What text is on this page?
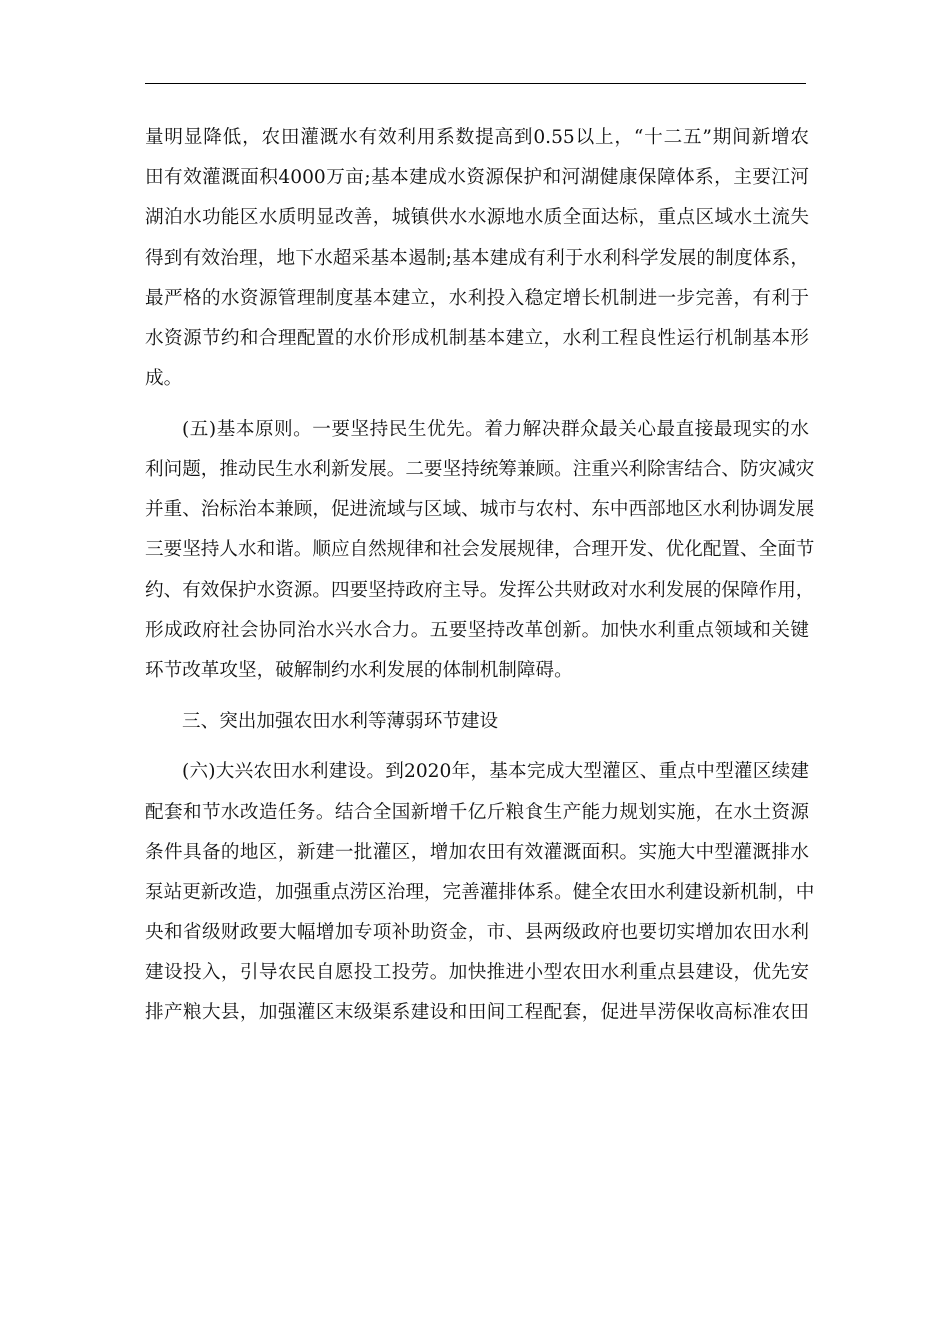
量明显降低，农田灌溉水有效利用系数提高到0.55以上，“十二五”期间新增农
田有效灌溉面积4000万亩;基本建成水资源保护和河湖健康保障体系，主要江河
湖泊水功能区水质明显改善，城镇供水水源地水质全面达标，重点区域水土流失
得到有效治理，地下水超采基本遏制;基本建成有利于水利科学发展的制度体系，
最严格的水资源管理制度基本建立，水利投入稳定增长机制进一步完善，有利于
水资源节约和合理配置的水价形成机制基本建立，水利工程良性运行机制基本形
成。
(五)基本原则。一要坚持民生优先。着力解决群众最关心最直接最现实的水
利问题，推动民生水利新发展。二要坚持统筹兼顾。注重兴利除害结合、防灾减灾
并重、治标治本兼顾，促进流域与区域、城市与农村、东中西部地区水利协调发展
三要坚持人水和谐。顺应自然规律和社会发展规律，合理开发、优化配置、全面节
约、有效保护水资源。四要坚持政府主导。发挥公共财政对水利发展的保障作用，
形成政府社会协同治水兴水合力。五要坚持改革创新。加快水利重点领域和关键
环节改革攻坚，破解制约水利发展的体制机制障碍。
三、突出加强农田水利等薄弱环节建设
(六)大兴农田水利建设。到2020年，基本完成大型灌区、重点中型灌区续建
配套和节水改造任务。结合全国新增千亿斤粮食生产能力规划实施，在水土资源
条件具备的地区，新建一批灌区，增加农田有效灌溉面积。实施大中型灌溉排水
泵站更新改造，加强重点涝区治理，完善灌排体系。健全农田水利建设新机制，中
央和省级财政要大幅增加专项补助资金，市、县两级政府也要切实增加农田水利
建设投入，引导农民自愿投工投劳。加快推进小型农田水利重点县建设，优先安
排产粮大县，加强灌区末级渠系建设和田间工程配套，促进旱涝保收高标准农田
